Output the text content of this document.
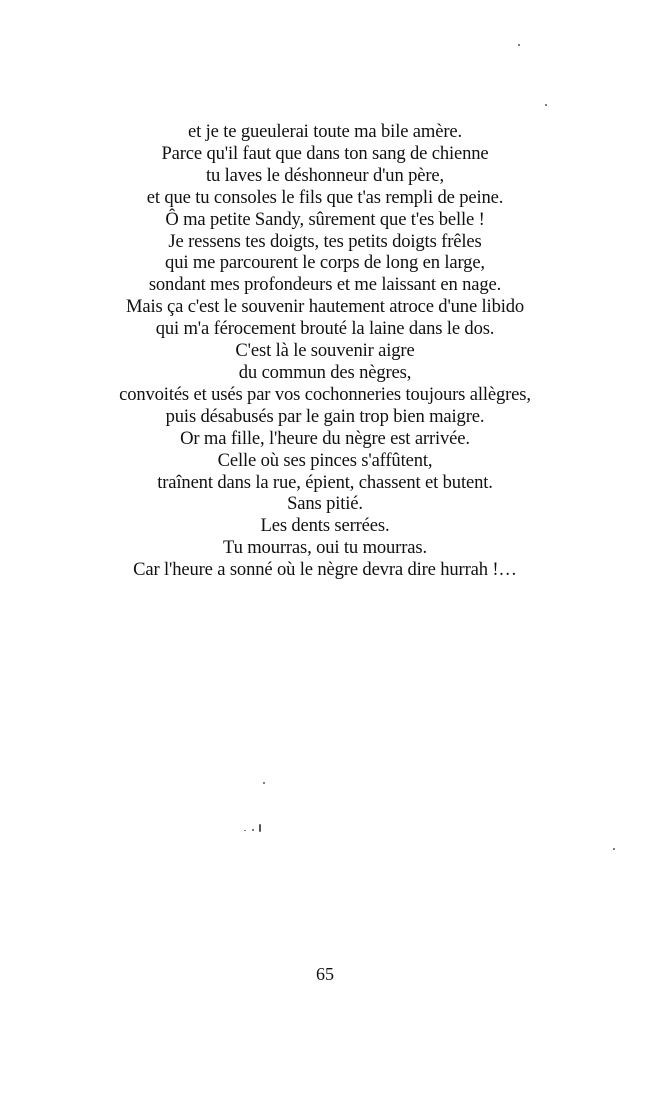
et je te gueulerai toute ma bile amère.
Parce qu'il faut que dans ton sang de chienne
tu laves le déshonneur d'un père,
et que tu consoles le fils que t'as rempli de peine.
Ô ma petite Sandy, sûrement que t'es belle !
Je ressens tes doigts, tes petits doigts frêles
qui me parcourent le corps de long en large,
sondant mes profondeurs et me laissant en nage.
Mais ça c'est le souvenir hautement atroce d'une libido
qui m'a férocement brouté la laine dans le dos.
C'est là le souvenir aigre
du commun des nègres,
convoités et usés par vos cochonneries toujours allègres,
puis désabusés par le gain trop bien maigre.
Or ma fille, l'heure du nègre est arrivée.
Celle où ses pinces s'affûtent,
traînent dans la rue, épient, chassent et butent.
Sans pitié.
Les dents serrées.
Tu mourras, oui tu mourras.
Car l'heure a sonné où le nègre devra dire hurrah !…
65
